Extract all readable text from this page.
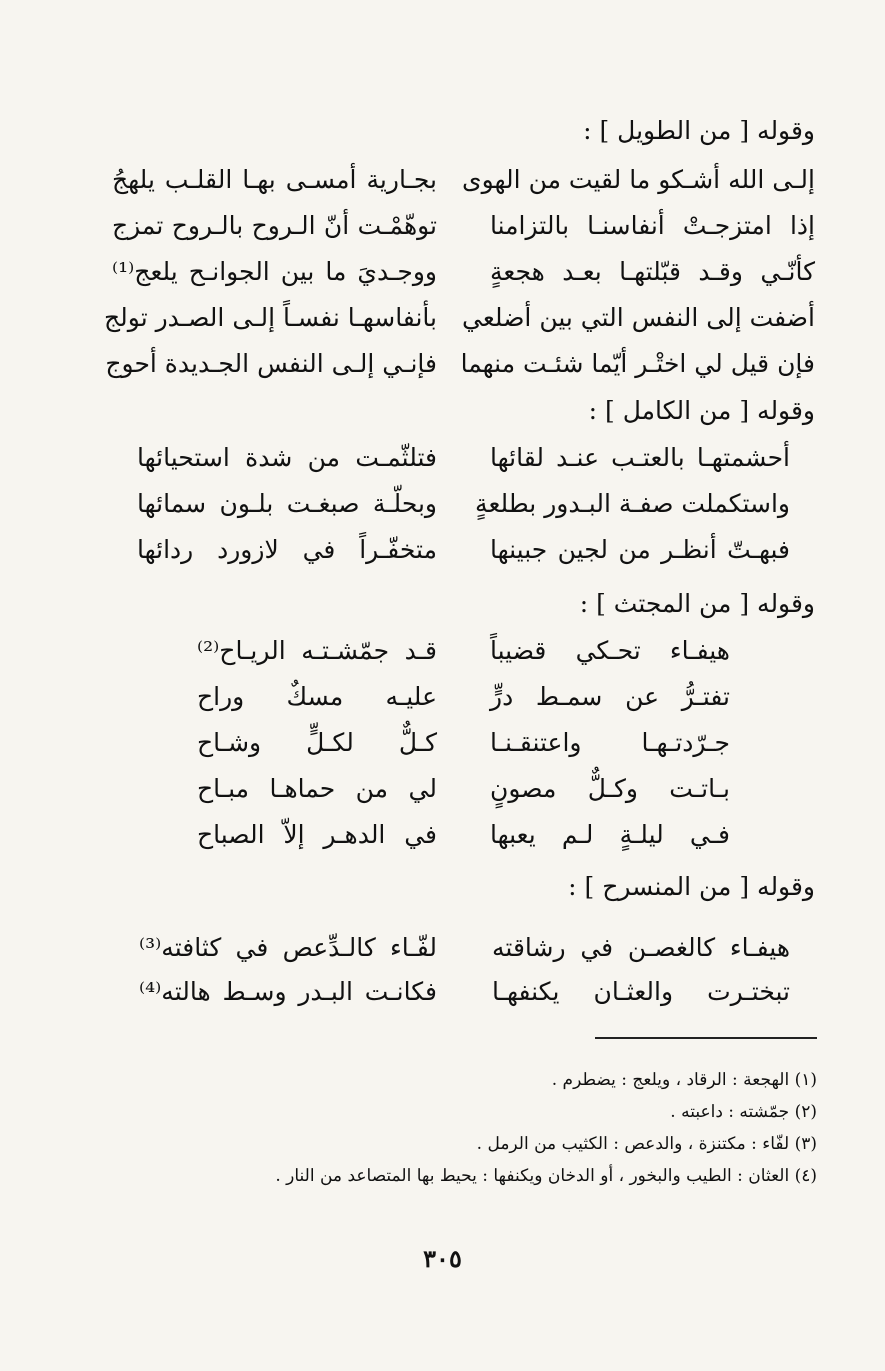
وقوله [ من الطويل ] :
إلـى الله أشـكو ما لقيت من الهوى
بجـارية أمسـى بهـا القلـب يلهجُ
إذا امتزجـتْ أنفاسنـا بالتزامنا
توهّمْـت أنّ الـروح بالـروح تمزج
كأنّـي وقـد قبّلتهـا بعـد هجعةٍ
ووجـديَ ما بين الجوانـح يلعج⁽¹⁾
أضفت إلى النفس التي بين أضلعي
بأنفاسهـا نفسـاً إلـى الصـدر تولج
فإن قيل لي اختْـر أيّما شئـت منهما
فإنـي إلـى النفس الجـديدة أحوج
وقوله [ من الكامل ] :
أحشمتهـا بالعتـب عنـد لقائها
فتلثّمـت من شدة استحيائها
واستكملت صفـة البـدور بطلعةٍ
وبحلّـة صبغـت بلـون سمائها
فبهـتّ أنظـر من لجين جبينها
متخفّـراً في لازورد ردائها
وقوله [ من المجتث ] :
هيفـاء تحـكي قضيباً
قـد جمّشـتـه الريـاح⁽²⁾
تفتـرُّ عن سمـط درٍّ
عليـه مسكٌ وراح
جـرّدتـهـا واعتنقـنـا
كـلٌّ لكـلٍّ وشـاح
بـاتـت وكـلٌّ مصونٍ
لي من حماهـا مبـاح
فـي ليلـةٍ لـم يعبها
في الدهـر إلاّ الصباح
وقوله [ من المنسرح ] :
هيفـاء كالغصـن في رشاقته
لفّـاء كالـدِّعص في كثافته⁽³⁾
تبختـرت والعثـان يكنفهـا
فكانـت البـدر وسـط هالته⁽⁴⁾
(١) الهجعة : الرقاد ، ويلعج : يضطرم .
(٢) جمّشته : داعبته .
(٣) لفّاء : مكتنزة ، والدعص : الكثيب من الرمل .
(٤) العثان : الطيب والبخور ، أو الدخان ويكنفها : يحيط بها المتصاعد من النار .
٣٠٥
